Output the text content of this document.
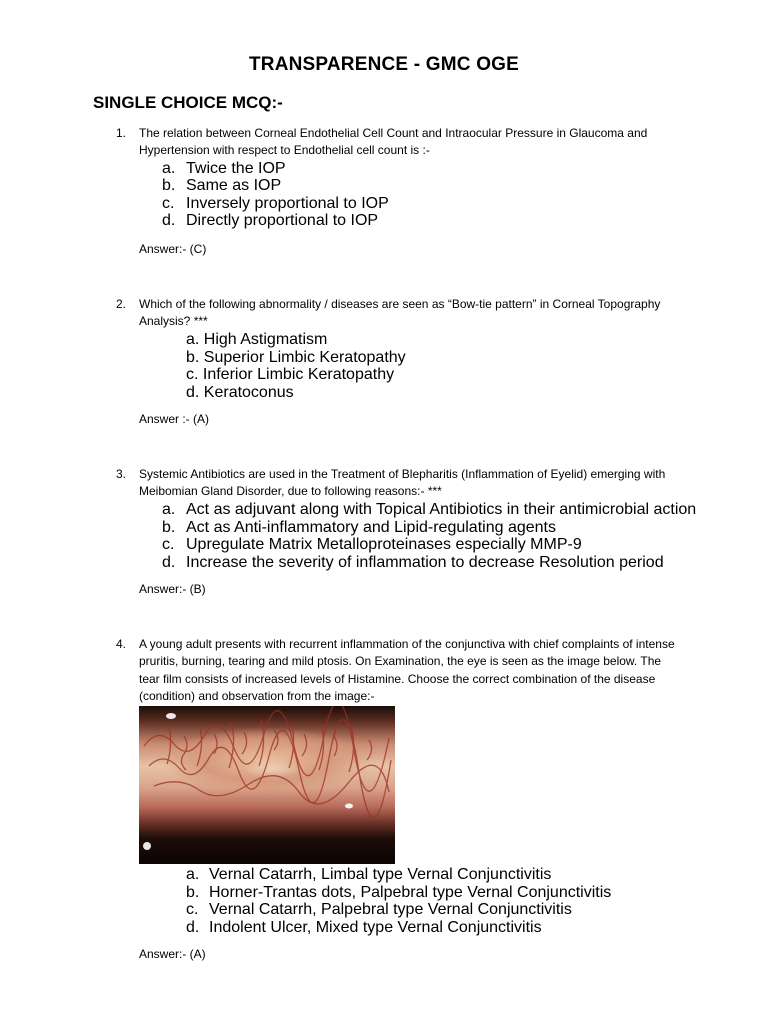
TRANSPARENCE - GMC OGE
SINGLE CHOICE MCQ:-
1. The relation between Corneal Endothelial Cell Count and Intraocular Pressure in Glaucoma and Hypertension with respect to Endothelial cell count is :-
a. Twice the IOP
b. Same as IOP
c. Inversely proportional to IOP
d. Directly proportional to IOP
Answer:- (C)
2. Which of the following abnormality / diseases are seen as “Bow-tie pattern” in Corneal Topography Analysis? ***
a. High Astigmatism
b. Superior Limbic Keratopathy
c. Inferior Limbic Keratopathy
d. Keratoconus
Answer :- (A)
3. Systemic Antibiotics are used in the Treatment of Blepharitis (Inflammation of Eyelid) emerging with Meibomian Gland Disorder, due to following reasons:- ***
a. Act as adjuvant along with Topical Antibiotics in their antimicrobial action
b. Act as Anti-inflammatory and Lipid-regulating agents
c. Upregulate Matrix Metalloproteinases especially MMP-9
d. Increase the severity of inflammation to decrease Resolution period
Answer:- (B)
4. A young adult presents with recurrent inflammation of the conjunctiva with chief complaints of intense pruritis, burning, tearing and mild ptosis. On Examination, the eye is seen as the image below. The tear film consists of increased levels of Histamine. Choose the correct combination of the disease (condition) and observation from the image:-
a. Vernal Catarrh, Limbal type Vernal Conjunctivitis
b. Horner-Trantas dots, Palpebral type Vernal Conjunctivitis
c. Vernal Catarrh, Palpebral type Vernal Conjunctivitis
d. Indolent Ulcer, Mixed type Vernal Conjunctivitis
Answer:- (A)
